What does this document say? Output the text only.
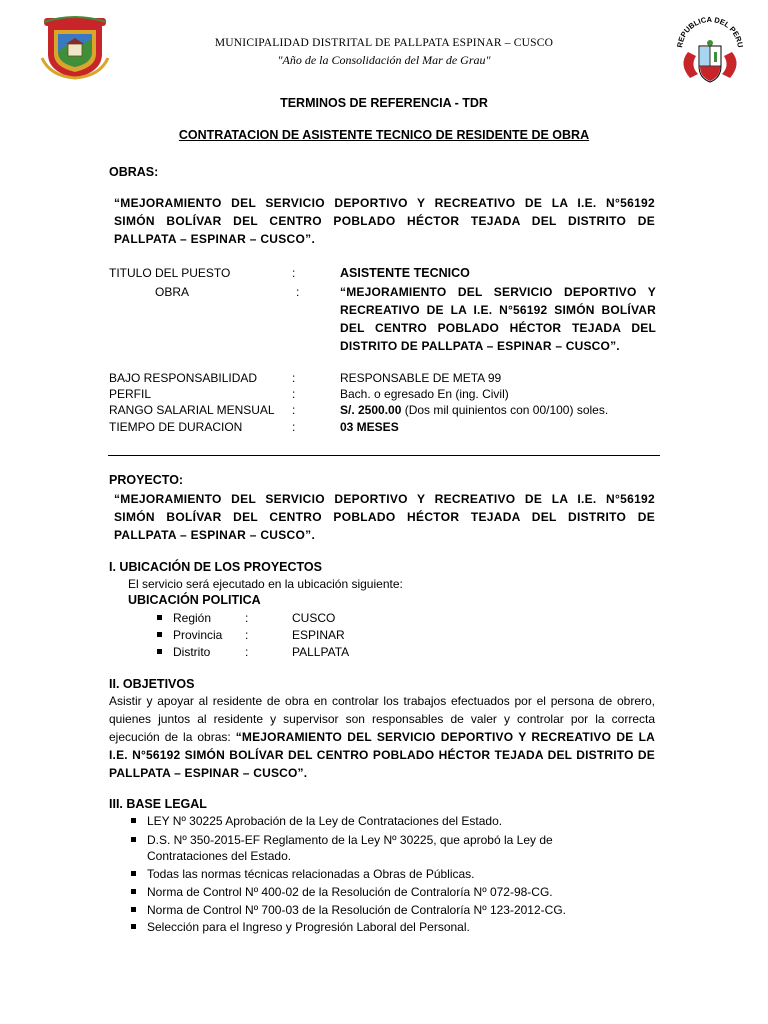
MUNICIPALIDAD DISTRITAL DE PALLPATA ESPINAR – CUSCO
"Año de la Consolidación del Mar de Grau"
REPUBLICA DEL PERU
TERMINOS DE REFERENCIA - TDR
CONTRATACION DE ASISTENTE TECNICO DE RESIDENTE DE OBRA
OBRAS:
“MEJORAMIENTO DEL SERVICIO DEPORTIVO Y RECREATIVO DE LA I.E. N°56192
SIMÓN BOLÍVAR DEL CENTRO POBLADO HÉCTOR TEJADA DEL DISTRITO DE
PALLPATA – ESPINAR – CUSCO”.
TITULO DEL PUESTO	:	ASISTENTE TECNICO
OBRA	:	“MEJORAMIENTO DEL SERVICIO DEPORTIVO Y
RECREATIVO DE LA I.E. N°56192 SIMÓN BOLÍVAR
DEL CENTRO POBLADO HÉCTOR TEJADA DEL
DISTRITO DE PALLPATA – ESPINAR – CUSCO”.
BAJO RESPONSABILIDAD	:	RESPONSABLE DE META 99
PERFIL	:	Bach. o egresado En (ing. Civil)
RANGO SALARIAL MENSUAL :	S/. 2500.00 (Dos mil quinientos con 00/100) soles.
TIEMPO DE DURACION	:	03 MESES
PROYECTO:
“MEJORAMIENTO DEL SERVICIO DEPORTIVO Y RECREATIVO DE LA I.E. N°56192
SIMÓN BOLÍVAR DEL CENTRO POBLADO HÉCTOR TEJADA DEL DISTRITO DE
PALLPATA – ESPINAR – CUSCO”.
I. UBICACIÓN DE LOS PROYECTOS
El servicio será ejecutado en la ubicación siguiente:
UBICACIÓN POLITICA
Región	:	CUSCO
Provincia :	ESPINAR
Distrito	:	PALLPATA
II. OBJETIVOS
Asistir y apoyar al residente de obra en controlar los trabajos efectuados por el persona de obrero, quienes juntos al residente y supervisor son responsables de valer y controlar por la correcta ejecución de la obras: “MEJORAMIENTO DEL SERVICIO DEPORTIVO Y RECREATIVO DE LA I.E. N°56192 SIMÓN BOLÍVAR DEL CENTRO POBLADO HÉCTOR TEJADA DEL DISTRITO DE PALLPATA – ESPINAR – CUSCO”.
III. BASE LEGAL
LEY Nº 30225 Aprobación de la Ley de Contrataciones del Estado.
D.S. Nº 350-2015-EF Reglamento de la Ley Nº 30225, que aprobó la Ley de
Contrataciones del Estado.
Todas las normas técnicas relacionadas a Obras de Públicas.
Norma de Control Nº 400-02 de la Resolución de Contraloría Nº 072-98-CG.
Norma de Control Nº 700-03 de la Resolución de Contraloría Nº 123-2012-CG.
Selección para el Ingreso y Progresión Laboral del Personal.
